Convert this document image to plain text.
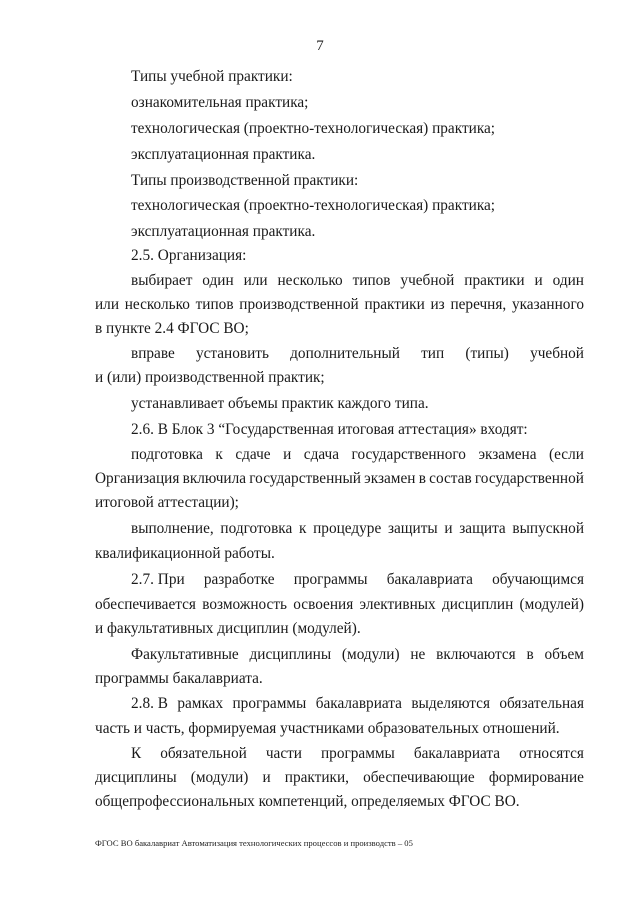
7
Типы учебной практики:
ознакомительная практика;
технологическая (проектно-технологическая) практика;
эксплуатационная практика.
Типы производственной практики:
технологическая (проектно-технологическая) практика;
эксплуатационная практика.
2.5. Организация:
выбирает один или несколько типов учебной практики и один
или несколько типов производственной практики из перечня, указанного
в пункте 2.4 ФГОС ВО;
вправе установить дополнительный тип (типы) учебной
и (или) производственной практик;
устанавливает объемы практик каждого типа.
2.6. В Блок 3 “Государственная итоговая аттестация» входят:
подготовка к сдаче и сдача государственного экзамена (если
Организация включила государственный экзамен в состав государственной
итоговой аттестации);
выполнение, подготовка к процедуре защиты и защита выпускной
квалификационной работы.
2.7. При разработке программы бакалавриата обучающимся
обеспечивается возможность освоения элективных дисциплин (модулей)
и факультативных дисциплин (модулей).
Факультативные дисциплины (модули) не включаются в объем
программы бакалавриата.
2.8. В рамках программы бакалавриата выделяются обязательная
часть и часть, формируемая участниками образовательных отношений.
К обязательной части программы бакалавриата относятся
дисциплины (модули) и практики, обеспечивающие формирование
общепрофессиональных компетенций, определяемых ФГОС ВО.
ФГОС ВО бакалавриат Автоматизация технологических процессов и производств – 05
